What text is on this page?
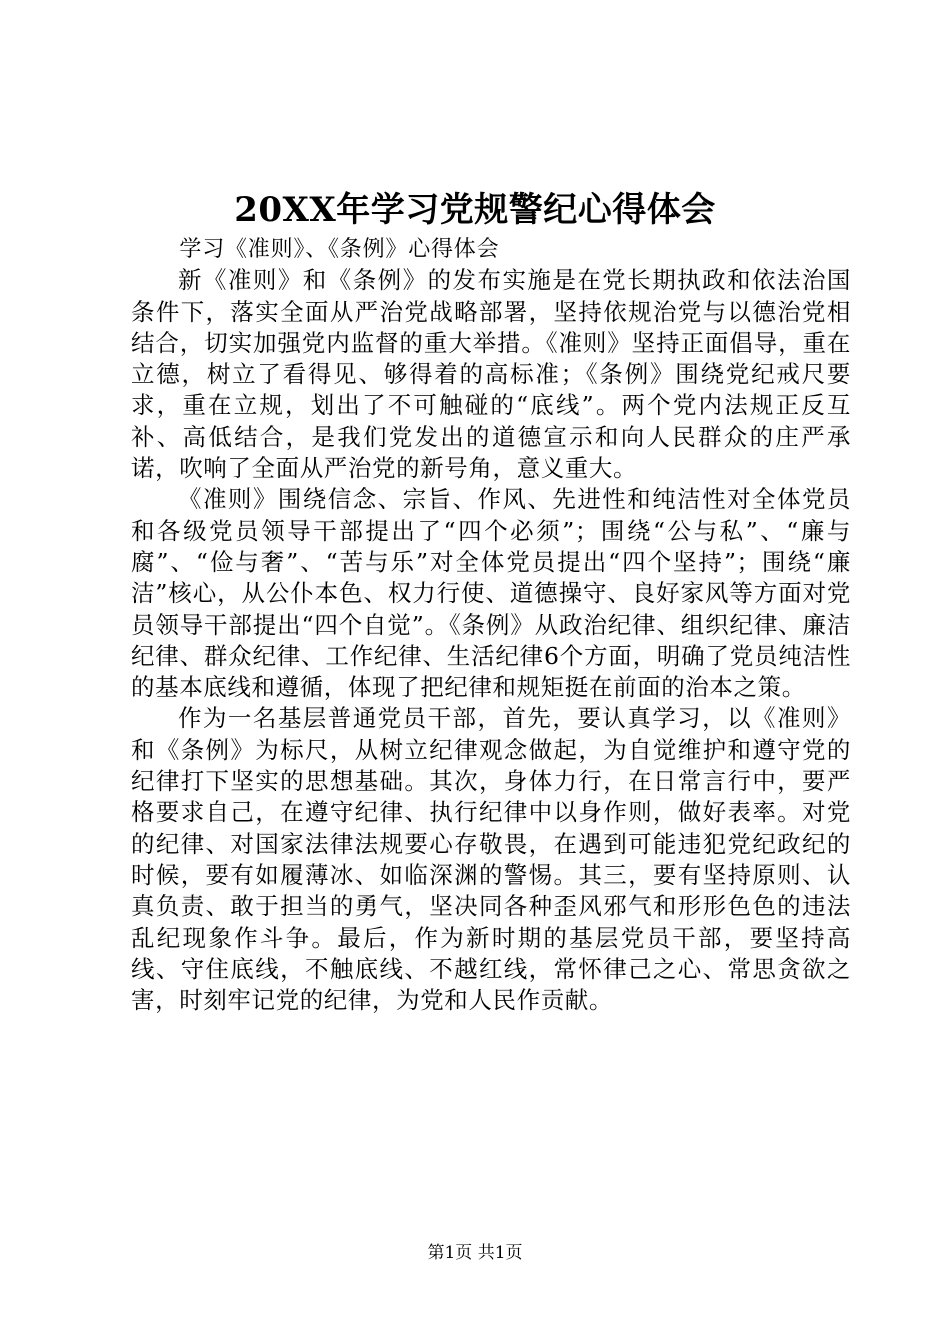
20XX年学习党规警纪心得体会

学习《准则》、《条例》心得体会

新《准则》和《条例》的发布实施是在党长期执政和依法治国条件下，落实全面从严治党战略部署，坚持依规治党与以德治党相结合，切实加强党内监督的重大举措。《准则》坚持正面倡导，重在立德，树立了看得见、够得着的高标准；《条例》围绕党纪戒尺要求，重在立规，划出了不可触碰的“底线”。两个党内法规正反互补、高低结合，是我们党发出的道德宣示和向人民群众的庄严承诺，吹响了全面从严治党的新号角，意义重大。

《准则》围绕信念、宗旨、作风、先进性和纯洁性对全体党员和各级党员领导干部提出了“四个必须”；围绕“公与私”、“廉与腐”、“俭与奢”、“苦与乐”对全体党员提出“四个坚持”；围绕“廉洁”核心，从公仆本色、权力行使、道德操守、良好家风等方面对党员领导干部提出“四个自觉”。《条例》从政治纪律、组织纪律、廉洁纪律、群众纪律、工作纪律、生活纪律6个方面，明确了党员纯洁性的基本底线和遵循，体现了把纪律和规矩挺在前面的治本之策。

作为一名基层普通党员干部，首先，要认真学习，以《准则》和《条例》为标尺，从树立纪律观念做起，为自觉维护和遵守党的纪律打下坚实的思想基础。其次，身体力行，在日常言行中，要严格要求自己，在遵守纪律、执行纪律中以身作则，做好表率。对党的纪律、对国家法律法规要心存敬畏，在遇到可能违犯党纪政纪的时候，要有如履薄冰、如临深渊的警惕。其三，要有坚持原则、认真负责、敢于担当的勇气，坚决同各种歪风邪气和形形色色的违法乱纪现象作斗争。最后，作为新时期的基层党员干部，要坚持高线、守住底线，不触底线、不越红线，常怀律己之心、常思贪欲之害，时刻牢记党的纪律，为党和人民作贡献。

第1页 共1页
